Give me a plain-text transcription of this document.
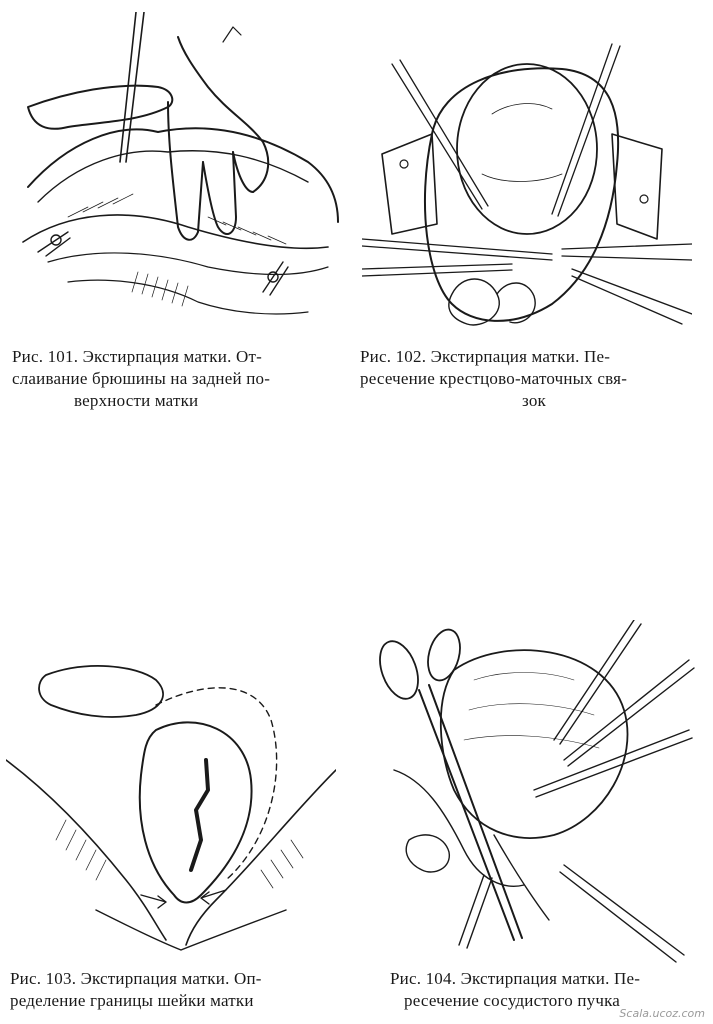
Рис. 101. Экстирпация матки. От-
слаивание брюшины на задней по-
верхности матки
Рис. 102. Экстирпация матки. Пе-
ресечение крестцово-маточных свя-
зок
Рис. 103. Экстирпация матки. Оп-
ределение границы шейки матки
Рис. 104. Экстирпация матки. Пе-
ресечение сосудистого пучка
Scala.ucoz.com
